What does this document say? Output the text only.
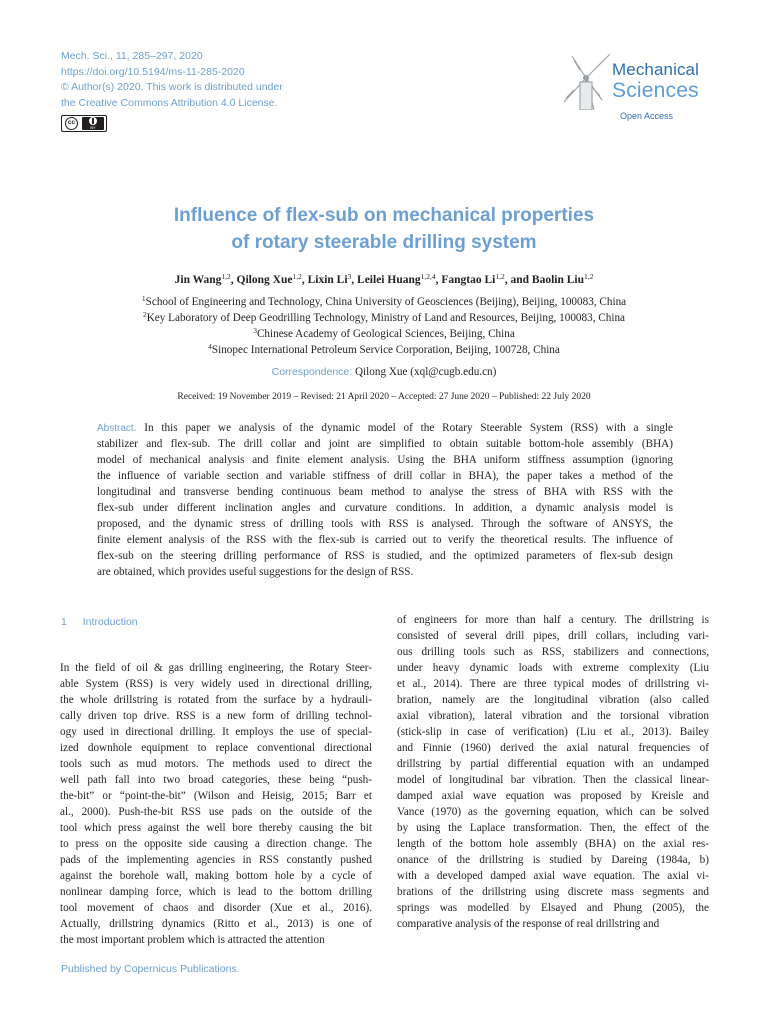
Mech. Sci., 11, 285–297, 2020
https://doi.org/10.5194/ms-11-285-2020
© Author(s) 2020. This work is distributed under
the Creative Commons Attribution 4.0 License.
cc
BY
Mechanical
Sciences
Open Access
Influence of flex-sub on mechanical properties
of rotary steerable drilling system
Jin Wang$^{1,2}$, Qilong Xue$^{1,2}$, Lixin Li$^3$, Leilei Huang$^{1,2,4}$, Fangtao Li$^{1,2}$, and Baolin Liu$^{1,2}$
$^1$School of Engineering and Technology, China University of Geosciences (Beijing), Beijing, 100083, China
$^2$Key Laboratory of Deep Geodrilling Technology, Ministry of Land and Resources, Beijing, 100083, China
$^3$Chinese Academy of Geological Sciences, Beijing, China
$^4$Sinopec International Petroleum Service Corporation, Beijing, 100728, China
Correspondence: Qilong Xue (xql@cugb.edu.cn)
Received: 19 November 2019 – Revised: 21 April 2020 – Accepted: 27 June 2020 – Published: 22 July 2020
Abstract. In this paper we analysis of the dynamic model of the Rotary Steerable System (RSS) with a single
stabilizer and flex-sub. The drill collar and joint are simplified to obtain suitable bottom-hole assembly (BHA)
model of mechanical analysis and finite element analysis. Using the BHA uniform stiffness assumption (ignoring
the influence of variable section and variable stiffness of drill collar in BHA), the paper takes a method of the
longitudinal and transverse bending continuous beam method to analyse the stress of BHA with RSS with the
flex-sub under different inclination angles and curvature conditions. In addition, a dynamic analysis model is
proposed, and the dynamic stress of drilling tools with RSS is analysed. Through the software of ANSYS, the
finite element analysis of the RSS with the flex-sub is carried out to verify the theoretical results. The influence of
flex-sub on the steering drilling performance of RSS is studied, and the optimized parameters of flex-sub design
are obtained, which provides useful suggestions for the design of RSS.
1 Introduction
In the field of oil & gas drilling engineering, the Rotary Steer-
able System (RSS) is very widely used in directional drilling,
the whole drillstring is rotated from the surface by a hydrauli-
cally driven top drive. RSS is a new form of drilling technol-
ogy used in directional drilling. It employs the use of special-
ized downhole equipment to replace conventional directional
tools such as mud motors. The methods used to direct the
well path fall into two broad categories, these being “push-
the-bit” or “point-the-bit” (Wilson and Heisig, 2015; Barr et
al., 2000). Push-the-bit RSS use pads on the outside of the
tool which press against the well bore thereby causing the bit
to press on the opposite side causing a direction change. The
pads of the implementing agencies in RSS constantly pushed
against the borehole wall, making bottom hole by a cycle of
nonlinear damping force, which is lead to the bottom drilling
tool movement of chaos and disorder (Xue et al., 2016).
Actually, drillstring dynamics (Ritto et al., 2013) is one of
the most important problem which is attracted the attention
of engineers for more than half a century. The drillstring is
consisted of several drill pipes, drill collars, including vari-
ous drilling tools such as RSS, stabilizers and connections,
under heavy dynamic loads with extreme complexity (Liu
et al., 2014). There are three typical modes of drillstring vi-
bration, namely are the longitudinal vibration (also called
axial vibration), lateral vibration and the torsional vibration
(stick-slip in case of verification) (Liu et al., 2013). Bailey
and Finnie (1960) derived the axial natural frequencies of
drillstring by partial differential equation with an undamped
model of longitudinal bar vibration. Then the classical linear-
damped axial wave equation was proposed by Kreisle and
Vance (1970) as the governing equation, which can be solved
by using the Laplace transformation. Then, the effect of the
length of the bottom hole assembly (BHA) on the axial res-
onance of the drillstring is studied by Dareing (1984a, b)
with a developed damped axial wave equation. The axial vi-
brations of the drillstring using discrete mass segments and
springs was modelled by Elsayed and Phung (2005), the
comparative analysis of the response of real drillstring and
Published by Copernicus Publications.
